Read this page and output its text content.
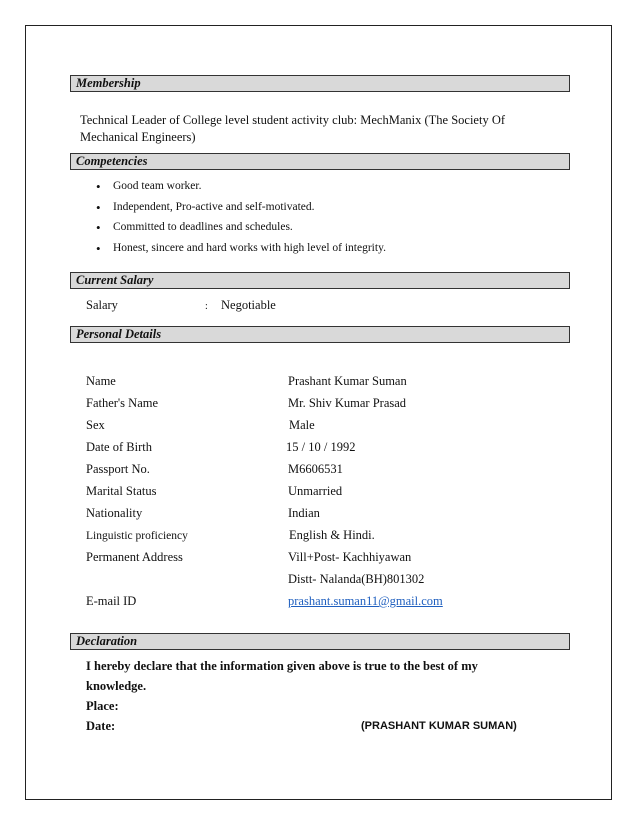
Membership
Technical Leader of College level student activity club: MechManix (The Society Of Mechanical Engineers)
Competencies
• Good team worker.
• Independent, Pro-active and self-motivated.
• Committed to deadlines and schedules.
• Honest, sincere and hard works with high level of integrity.
Current Salary
Salary	: Negotiable
Personal Details
Name	Prashant Kumar Suman
Father's Name	Mr. Shiv Kumar Prasad
Sex	Male
Date of Birth	15 / 10 / 1992
Passport No.	M6606531
Marital Status	Unmarried
Nationality	Indian
Linguistic proficiency	English & Hindi.
Permanent Address	Vill+Post- Kachhiyawan
Distt- Nalanda(BH)801302
E-mail ID	prashant.suman11@gmail.com
Declaration
I hereby declare that the information given above is true to the best of my
knowledge.
Place:
Date:	(PRASHANT KUMAR SUMAN)
